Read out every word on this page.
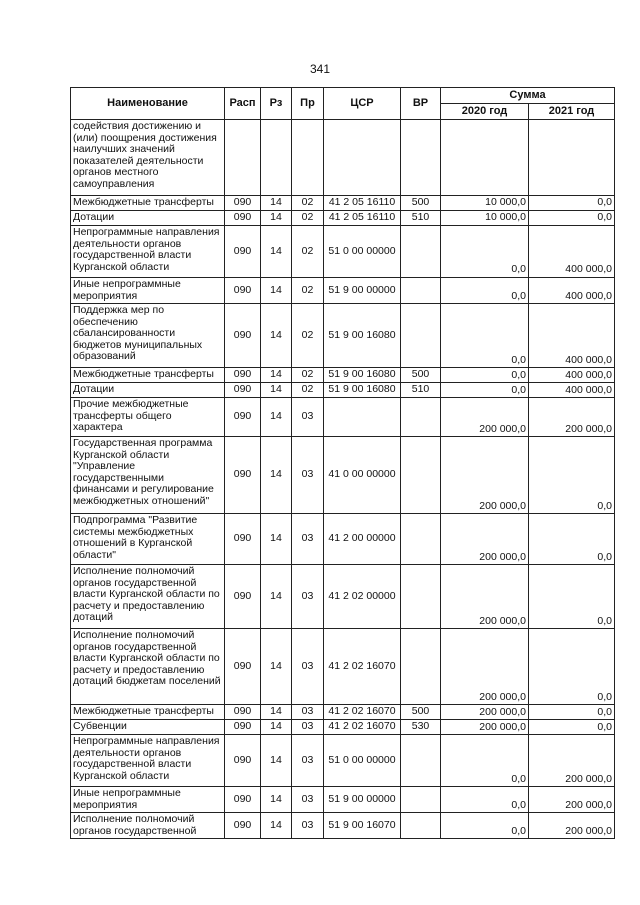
341
Наименование	Расп	Рз	Пр	ЦСР	ВР	Сумма	
						2020 год	2021 год
содействия достижению и (или) поощрения достижения наилучших значений показателей деятельности органов местного самоуправления							
Межбюджетные трансферты	090	14	02	41 2 05 16110	500	10 000,0	0,0
Дотации	090	14	02	41 2 05 16110	510	10 000,0	0,0
Непрограммные направления деятельности органов государственной власти Курганской области	090	14	02	51 0 00 00000		0,0	400 000,0
Иные непрограммные мероприятия	090	14	02	51 9 00 00000		0,0	400 000,0
Поддержка мер по обеспечению сбалансированности бюджетов муниципальных образований	090	14	02	51 9 00 16080		0,0	400 000,0
Межбюджетные трансферты	090	14	02	51 9 00 16080	500	0,0	400 000,0
Дотации	090	14	02	51 9 00 16080	510	0,0	400 000,0
Прочие межбюджетные трансферты общего характера	090	14	03			200 000,0	200 000,0
Государственная программа Курганской области "Управление государственными финансами и регулирование межбюджетных отношений"	090	14	03	41 0 00 00000		200 000,0	0,0
Подпрограмма "Развитие системы межбюджетных отношений в Курганской области"	090	14	03	41 2 00 00000		200 000,0	0,0
Исполнение полномочий органов государственной власти Курганской области по расчету и предоставлению дотаций	090	14	03	41 2 02 00000		200 000,0	0,0
Исполнение полномочий органов государственной власти Курганской области по расчету и предоставлению дотаций бюджетам поселений	090	14	03	41 2 02 16070		200 000,0	0,0
Межбюджетные трансферты	090	14	03	41 2 02 16070	500	200 000,0	0,0
Субвенции	090	14	03	41 2 02 16070	530	200 000,0	0,0
Непрограммные направления деятельности органов государственной власти Курганской области	090	14	03	51 0 00 00000		0,0	200 000,0
Иные непрограммные мероприятия	090	14	03	51 9 00 00000		0,0	200 000,0
Исполнение полномочий органов государственной	090	14	03	51 9 00 16070		0,0	200 000,0
